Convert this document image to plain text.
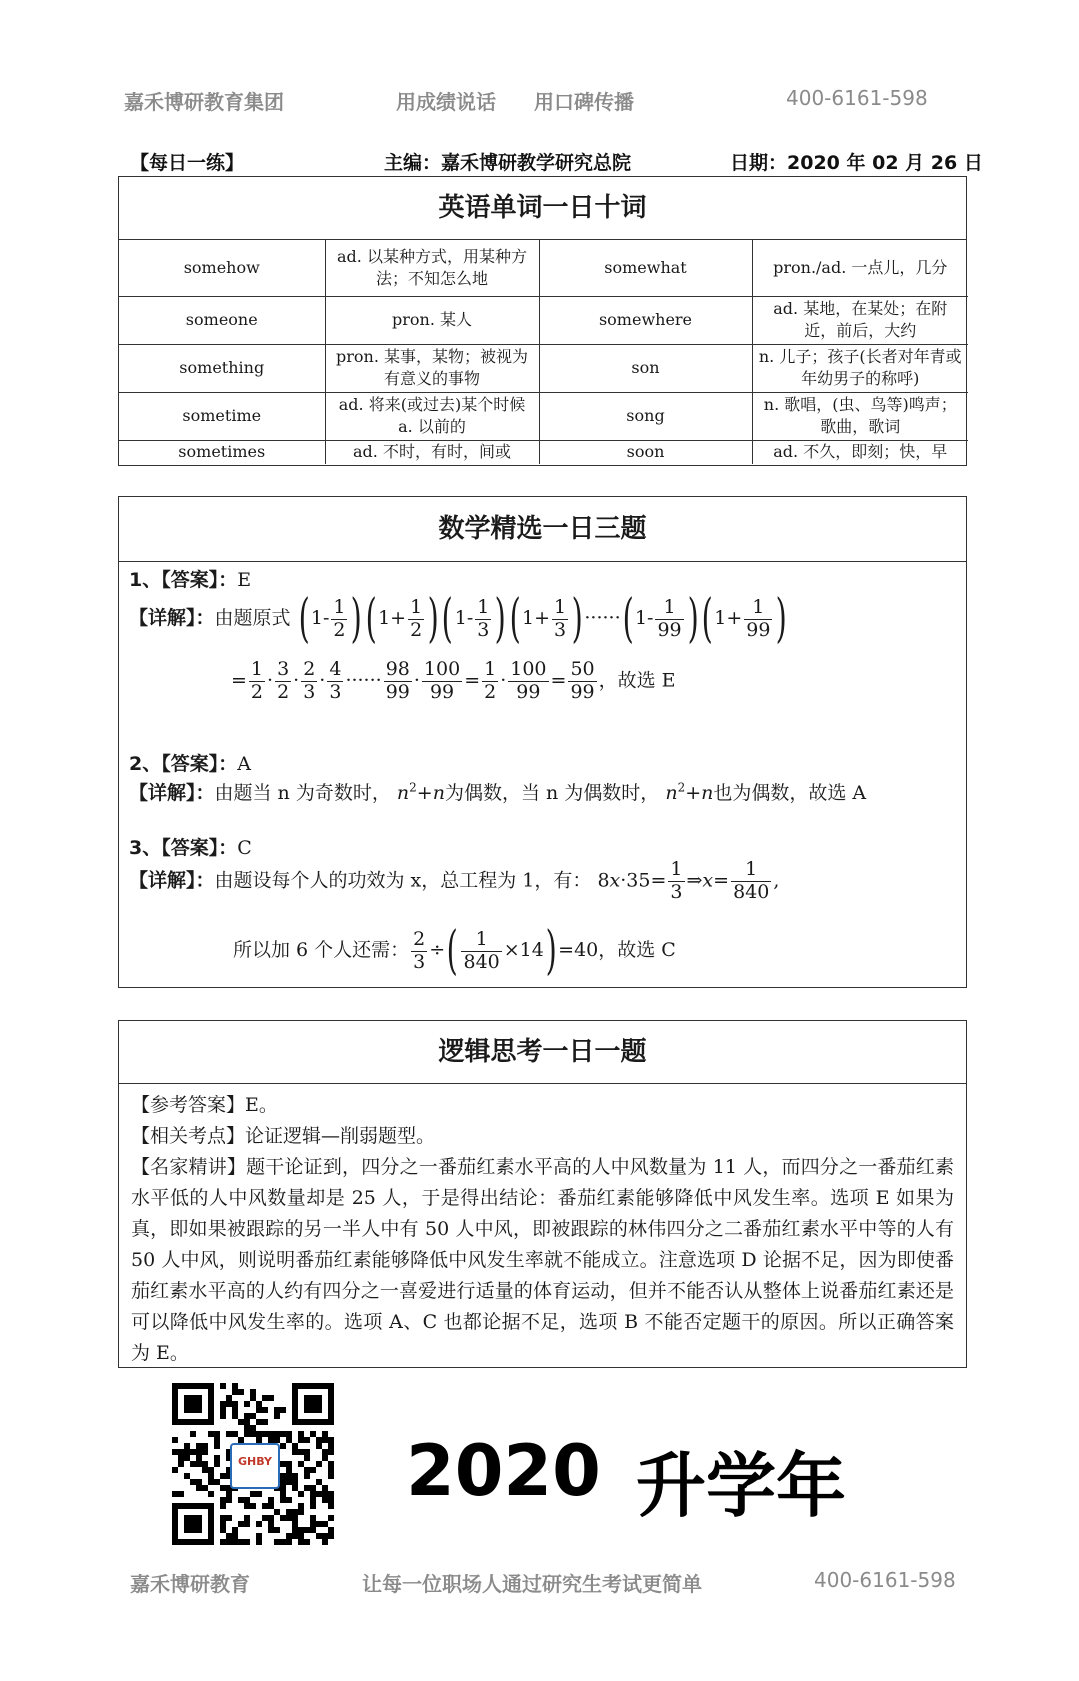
嘉禾博研教育集团	用成绩说话 用口碑传播	400-6161-598
【每日一练】	主编：嘉禾博研教学研究总院	日期：2020 年 02 月 26 日
英语单词一日十词
somehow	ad. 以某种方式，用某种方法；不知怎么地	somewhat	pron./ad. 一点儿，几分
someone	pron. 某人	somewhere	ad. 某地，在某处；在附近，前后，大约
something	pron. 某事，某物；被视为有意义的事物	son	n. 儿子；孩子(长者对年青或年幼男子的称呼)
sometime	ad. 将来(或过去)某个时候 a. 以前的	song	n. 歌唱，(虫、鸟等)鸣声；歌曲，歌词
sometimes	ad. 不时，有时，间或	soon	ad. 不久，即刻；快，早
数学精选一日三题
1、【答案】：E
【详解】：由题原式 $(1- \frac{1}{2} )(1+ \frac{1}{2} )(1- \frac{1}{3} )(1+ \frac{1}{3} )\cdot\cdot\cdot\cdot\cdot\cdot(1- \frac{1}{99} )(1+ \frac{1}{99}$ )
= $\frac{1}{2} \cdot \frac{3}{2} \cdot \frac{2}{3} \cdot \frac{4}{3}$ ······ $\frac{98}{99} \cdot \frac{100}{99} = \frac{1}{2} \cdot \frac{100}{99} = \frac{50}{99}$ ，故选 E
2、【答案】：A
【详解】：由题当 n 为奇数时， $n^2+n$为偶数，当 n 为偶数时， $n^2+n$也为偶数，故选 A
3、【答案】：C
【详解】：由题设每个人的功效为 x，总工程为 1，有： $8x\cdot 35= \frac{1}{3}$ ⇒x= $\frac{1}{840}$ ,
所以加 6 个人还需： $\frac{2}{3}$ ÷( $\frac{1}{840} \times 14)=40$，故选 C
逻辑思考一日一题

【参考答案】E。

【相关考点】论证逻辑—削弱题型。

【名家精讲】题干论证到，四分之一番茄红素水平高的人中风数量为 11 人，而四分之一番茄红素水平低的人中风数量却是 25 人，于是得出结论：番茄红素能够降低中风发生率。选项 E 如果为真，即如果被跟踪的另一半人中有 50 人中风，即被跟踪的林伟四分之二番茄红素水平中等的人有 50 人中风，则说明番茄红素能够降低中风发生率就不能成立。注意选项 D 论据不足，因为即使番茄红素水平高的人约有四分之一喜爱进行适量的体育运动，但并不能否认从整体上说番茄红素还是可以降低中风发生率的。选项 A、C 也都论据不足，选项 B 不能否定题干的原因。所以正确答案为 E。

GHBY 2020 升学年
嘉禾博研教育	让每一位职场人通过研究生考试更简单	400-6161-598
